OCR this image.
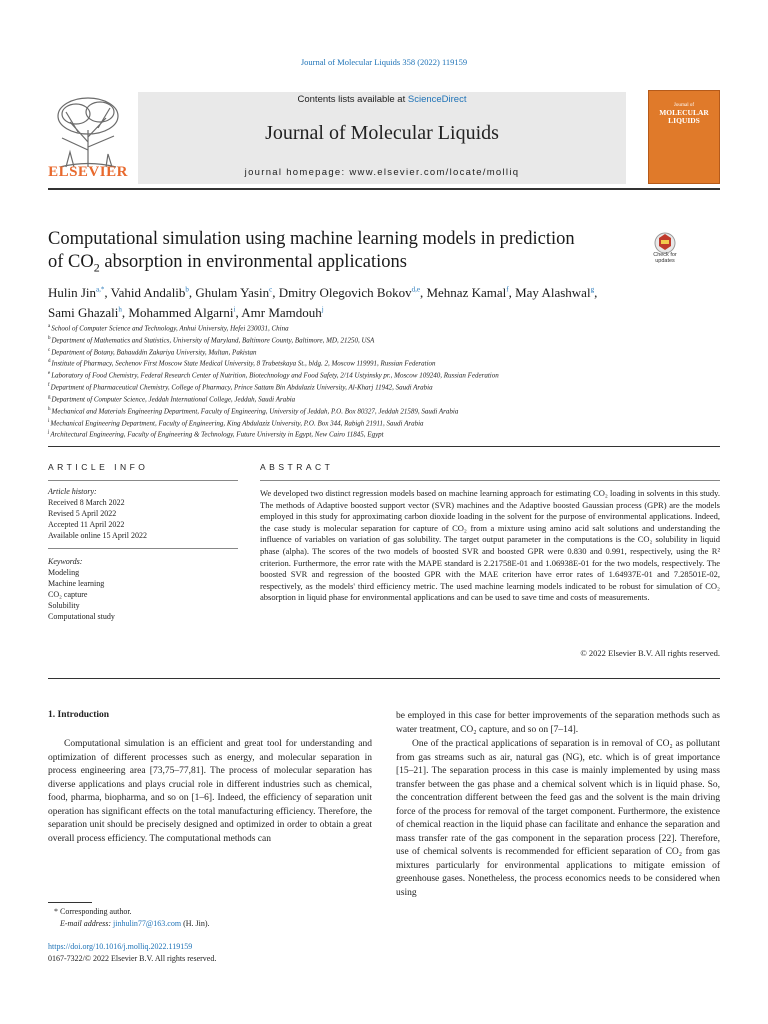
Journal of Molecular Liquids 358 (2022) 119159
ELSEVIER
Contents lists available at ScienceDirect
Journal of Molecular Liquids
journal homepage: www.elsevier.com/locate/molliq
Journal of
MOLECULAR LIQUIDS
Computational simulation using machine learning models in prediction
of $CO_2$ absorption in environmental applications	Check for
updates
Hulin Jin$^{a,*}$, Vahid Andalib$^b$, Ghulam Yasin$^c$, Dmitry Olegovich Bokov$^{d,e}$, Mehnaz Kamal$^f$, May Alashwal$^g$,
Sami Ghazali$^h$, Mohammed Algarni$^i$, Amr Mamdouh$^j$
$^a$School of Computer Science and Technology, Anhui University, Hefei 230031, China
$^b$Department of Mathematics and Statistics, University of Maryland, Baltimore County, Baltimore, MD, 21250, USA
$^c$Department of Botany, Bahauddin Zakariya University, Multan, Pakistan
$^d$Institute of Pharmacy, Sechenov First Moscow State Medical University, 8 Trubetskaya St., bldg. 2, Moscow 119991, Russian Federation
$^e$Laboratory of Food Chemistry, Federal Research Center of Nutrition, Biotechnology and Food Safety, 2/14 Ustyinsky pr., Moscow 109240, Russian Federation
$^f$Department of Pharmaceutical Chemistry, College of Pharmacy, Prince Sattam Bin Abdulaziz University, Al-Kharj 11942, Saudi Arabia
$^g$Department of Computer Science, Jeddah International College, Jeddah, Saudi Arabia
$^h$Mechanical and Materials Engineering Department, Faculty of Engineering, University of Jeddah, P.O. Box 80327, Jeddah 21589, Saudi Arabia
$^i$Mechanical Engineering Department, Faculty of Engineering, King Abdulaziz University, P.O. Box 344, Rabigh 21911, Saudi Arabia
$^j$Architectural Engineering, Faculty of Engineering & Technology, Future University in Egypt, New Cairo 11845, Egypt
ARTICLE INFO	ABSTRACT
Article history:
Received 8 March 2022
Revised 5 April 2022
Accepted 11 April 2022
Available online 15 April 2022
Keywords:
Modeling
Machine learning
CO₂ capture
Solubility
Computational study
We developed two distinct regression models based on machine learning approach for estimating CO₂ loading in solvents in this study. The methods of Adaptive boosted support vector (SVR) machines and the Adaptive boosted Gaussian process (GPR) are the models employed in this study for approximating carbon dioxide loading in the solvent for the purpose of environmental applications. Indeed, the case study is molecular separation for capture of CO₂ from a mixture using amino acid salt solutions and understanding the influence of variables on variation of gas solubility. The target output parameter in the computations is the CO₂ solubility in liquid phase (alpha). The scores of the two models of boosted SVR and boosted GPR were 0.830 and 0.991, respectively, using the R² criterion. Furthermore, the error rate with the MAPE standard is 2.21758E-01 and 1.06938E-01 for the two models, respectively. The boosted SVR and regression of the boosted GPR with the MAE criterion have error rates of 1.64937E-01 and 7.28501E-02, respectively, as the models' third efficiency metric. The used machine learning models indicated to be robust for simulation of CO₂ absorption in liquid phase for environmental applications and can be used to save time and costs of measurements.
© 2022 Elsevier B.V. All rights reserved.
1. Introduction
Computational simulation is an efficient and great tool for understanding and optimization of different processes such as energy, and molecular separation in process engineering area [73,75–77,81]. The process of molecular separation has diverse applications and plays crucial role in different industries such as chemical, food, pharma, biopharma, and so on [1–6]. Indeed, the efficiency of separation unit operation has significant effects on the total manufacturing efficiency. Therefore, the separation unit should be precisely designed and optimized in order to obtain a great overall process efficiency. The computational methods can
be employed in this case for better improvements of the separation methods such as water treatment, CO₂ capture, and so on [7–14].
One of the practical applications of separation is in removal of CO₂ as pollutant from gas streams such as air, natural gas (NG), etc. which is of great importance [15–21]. The separation process in this case is mainly implemented by using mass transfer between the gas phase and a chemical solvent which is in liquid phase. So, the concentration different between the feed gas and the solvent is the main driving force of the process for removal of the target component. Furthermore, the existence of chemical reaction in the liquid phase can facilitate and enhance the separation and mass transfer rate of the gas component in the separation process [22]. Therefore, use of chemical solvents is recommended for efficient separation of CO₂ from gas mixtures particularly for environmental applications to mitigate emission of greenhouse gases. Nonetheless, the process economics needs to be considered when using
* Corresponding author.
E-mail address: jinhulin77@163.com (H. Jin).
https://doi.org/10.1016/j.molliq.2022.119159
0167-7322/© 2022 Elsevier B.V. All rights reserved.
